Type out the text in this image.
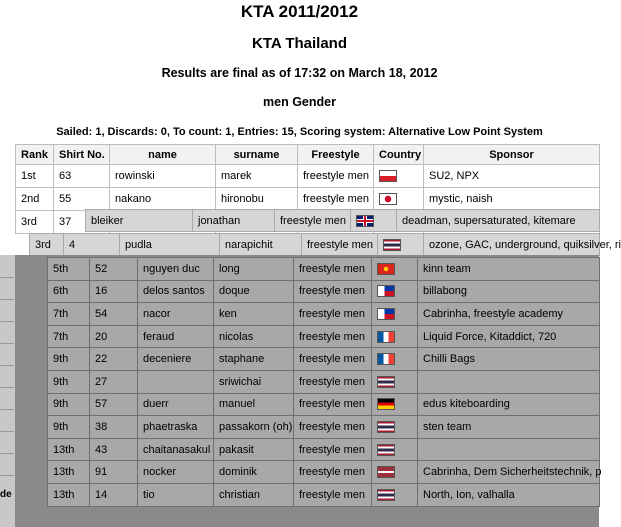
KTA 2011/2012
KTA Thailand
Results are final as of 17:32 on March 18, 2012
men Gender
Sailed: 1, Discards: 0, To count: 1, Entries: 15, Scoring system: Alternative Low Point System
Rank	Shirt No.	name	surname	Freestyle	Country	Sponsor
1st	63	rowinski	marek	freestyle men		SU2, NPX
2nd	55	nakano	hironobu	freestyle men		mystic, naish
3rd	37					bleiker	jonathan	freestyle men		deadman, supersaturated, kitemare
3rd	4	pudla	narapichit	freestyle men		ozone, GAC, underground, quiksilver, ri
de
5th	52	nguyen duc	long	freestyle men		kinn team
6th	16	delos santos	doque	freestyle men		billabong
7th	54	nacor	ken	freestyle men		Cabrinha, freestyle academy
7th	20	feraud	nicolas	freestyle men		Liquid Force, Kitaddict, 720
9th	22	deceniere	staphane	freestyle men		Chilli Bags
9th	27		sriwichai	freestyle men		
9th	57	duerr	manuel	freestyle men		edus kiteboarding
9th	38	phaetraska	passakorn (oh)	freestyle men		sten team
13th	43	chaitanasakul	pakasit	freestyle men		
13th	91	nocker	dominik	freestyle men		Cabrinha, Dem Sicherheitstechnik, p
13th	14	tio	christian	freestyle men		North, Ion, valhalla
